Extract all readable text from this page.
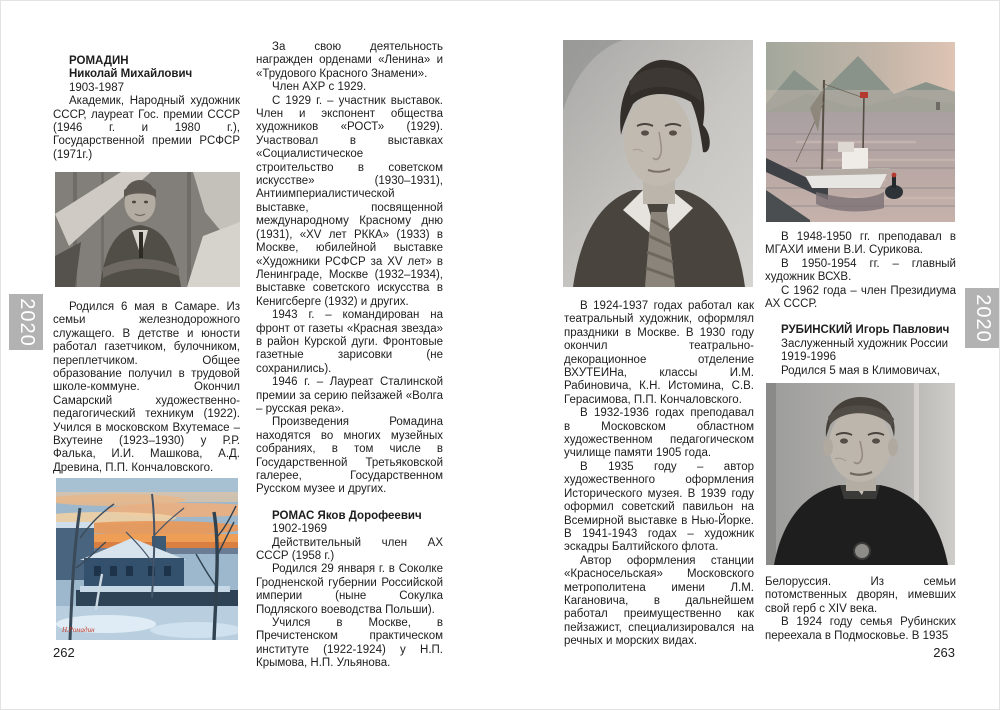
2020	2020

РОМАДИН

Николай Михайлович

1903-1987

Академик, Народный художник СССР, лауреат Гос. премии СССР (1946 г. и 1980 г.), Государственной премии РСФСР (1971г.)

Родился 6 мая в Самаре. Из семьи железнодорожного служащего. В детстве и юности работал газетчиком, булочником, переплетчиком. Общее образование получил в трудовой школе-коммуне. Окончил Самарский художественно-педагогический техникум (1922). Учился в московском Вхутемасе – Вхутеине (1923–1930) у Р.Р. Фалька, И.И. Машкова, А.Д. Древина, П.П. Кончаловского.

Н.Ромадин
262

За свою деятельность награжден орденами «Ленина» и «Трудового Красного Знамени».

Член АХР с 1929.

С 1929 г. – участник выставок. Член и экспонент общества художников «РОСТ» (1929). Участвовал в выставках «Социалистическое строительство в советском искусстве» (1930–1931), Антиимпериалистической выставке, посвященной международному Красному дню (1931), «XV лет РККА» (1933) в Москве, юбилейной выставке «Художники РСФСР за XV лет» в Ленинграде, Москве (1932–1934), выставке советского искусства в Кенигсберге (1932) и других.

1943 г. – командирован на фронт от газеты «Красная звезда» в район Курской дуги. Фронтовые газетные зарисовки (не сохранились).

1946 г. – Лауреат Сталинской премии за серию пейзажей «Волга – русская река».

Произведения Ромадина находятся во многих музейных собраниях, в том числе в Государственной Третьяковской галерее, Государственном Русском музее и других.

РОМАС Яков Дорофеевич

1902-1969

Действительный член АХ СССР (1958 г.)

Родился 29 января г. в Соколке Гродненской губернии Российской империи (ныне Сокулка Подляского воеводства Польши).

Учился в Москве, в Пречистенском практическом институте (1922-1924) у Н.П. Крымова, Н.П. Ульянова.

В 1924-1937 годах работал как театральный художник, оформлял праздники в Москве. В 1930 году окончил театрально-декорационное отделение ВХУТЕИНа, классы И.М. Рабиновича, К.Н. Истомина, С.В. Герасимова, П.П. Кончаловского.

В 1932-1936 годах преподавал в Московском областном художественном педагогическом училище памяти 1905 года.

В 1935 году – автор художественного оформления Исторического музея. В 1939 году оформил советский павильон на Всемирной выставке в Нью-Йорке. В 1941-1943 годах – художник эскадры Балтийского флота.

Автор оформления станции «Красносельская» Московского метрополитена имени Л.М. Кагановича, в дальнейшем работал преимущественно как пейзажист, специализировался на речных и морских видах.

В 1948-1950 гг. преподавал в МГАХИ имени В.И. Сурикова.

В 1950-1954 гг. – главный художник ВСХВ.

С 1962 года – член Президиума АХ СССР.

РУБИНСКИЙ Игорь Павлович

Заслуженный художник России

1919-1996

Родился 5 мая в Климовичах,

Белоруссия. Из семьи потомственных дворян, имевших свой герб с XIV века.

В 1924 году семья Рубинских переехала в Подмосковье. В 1935

263
